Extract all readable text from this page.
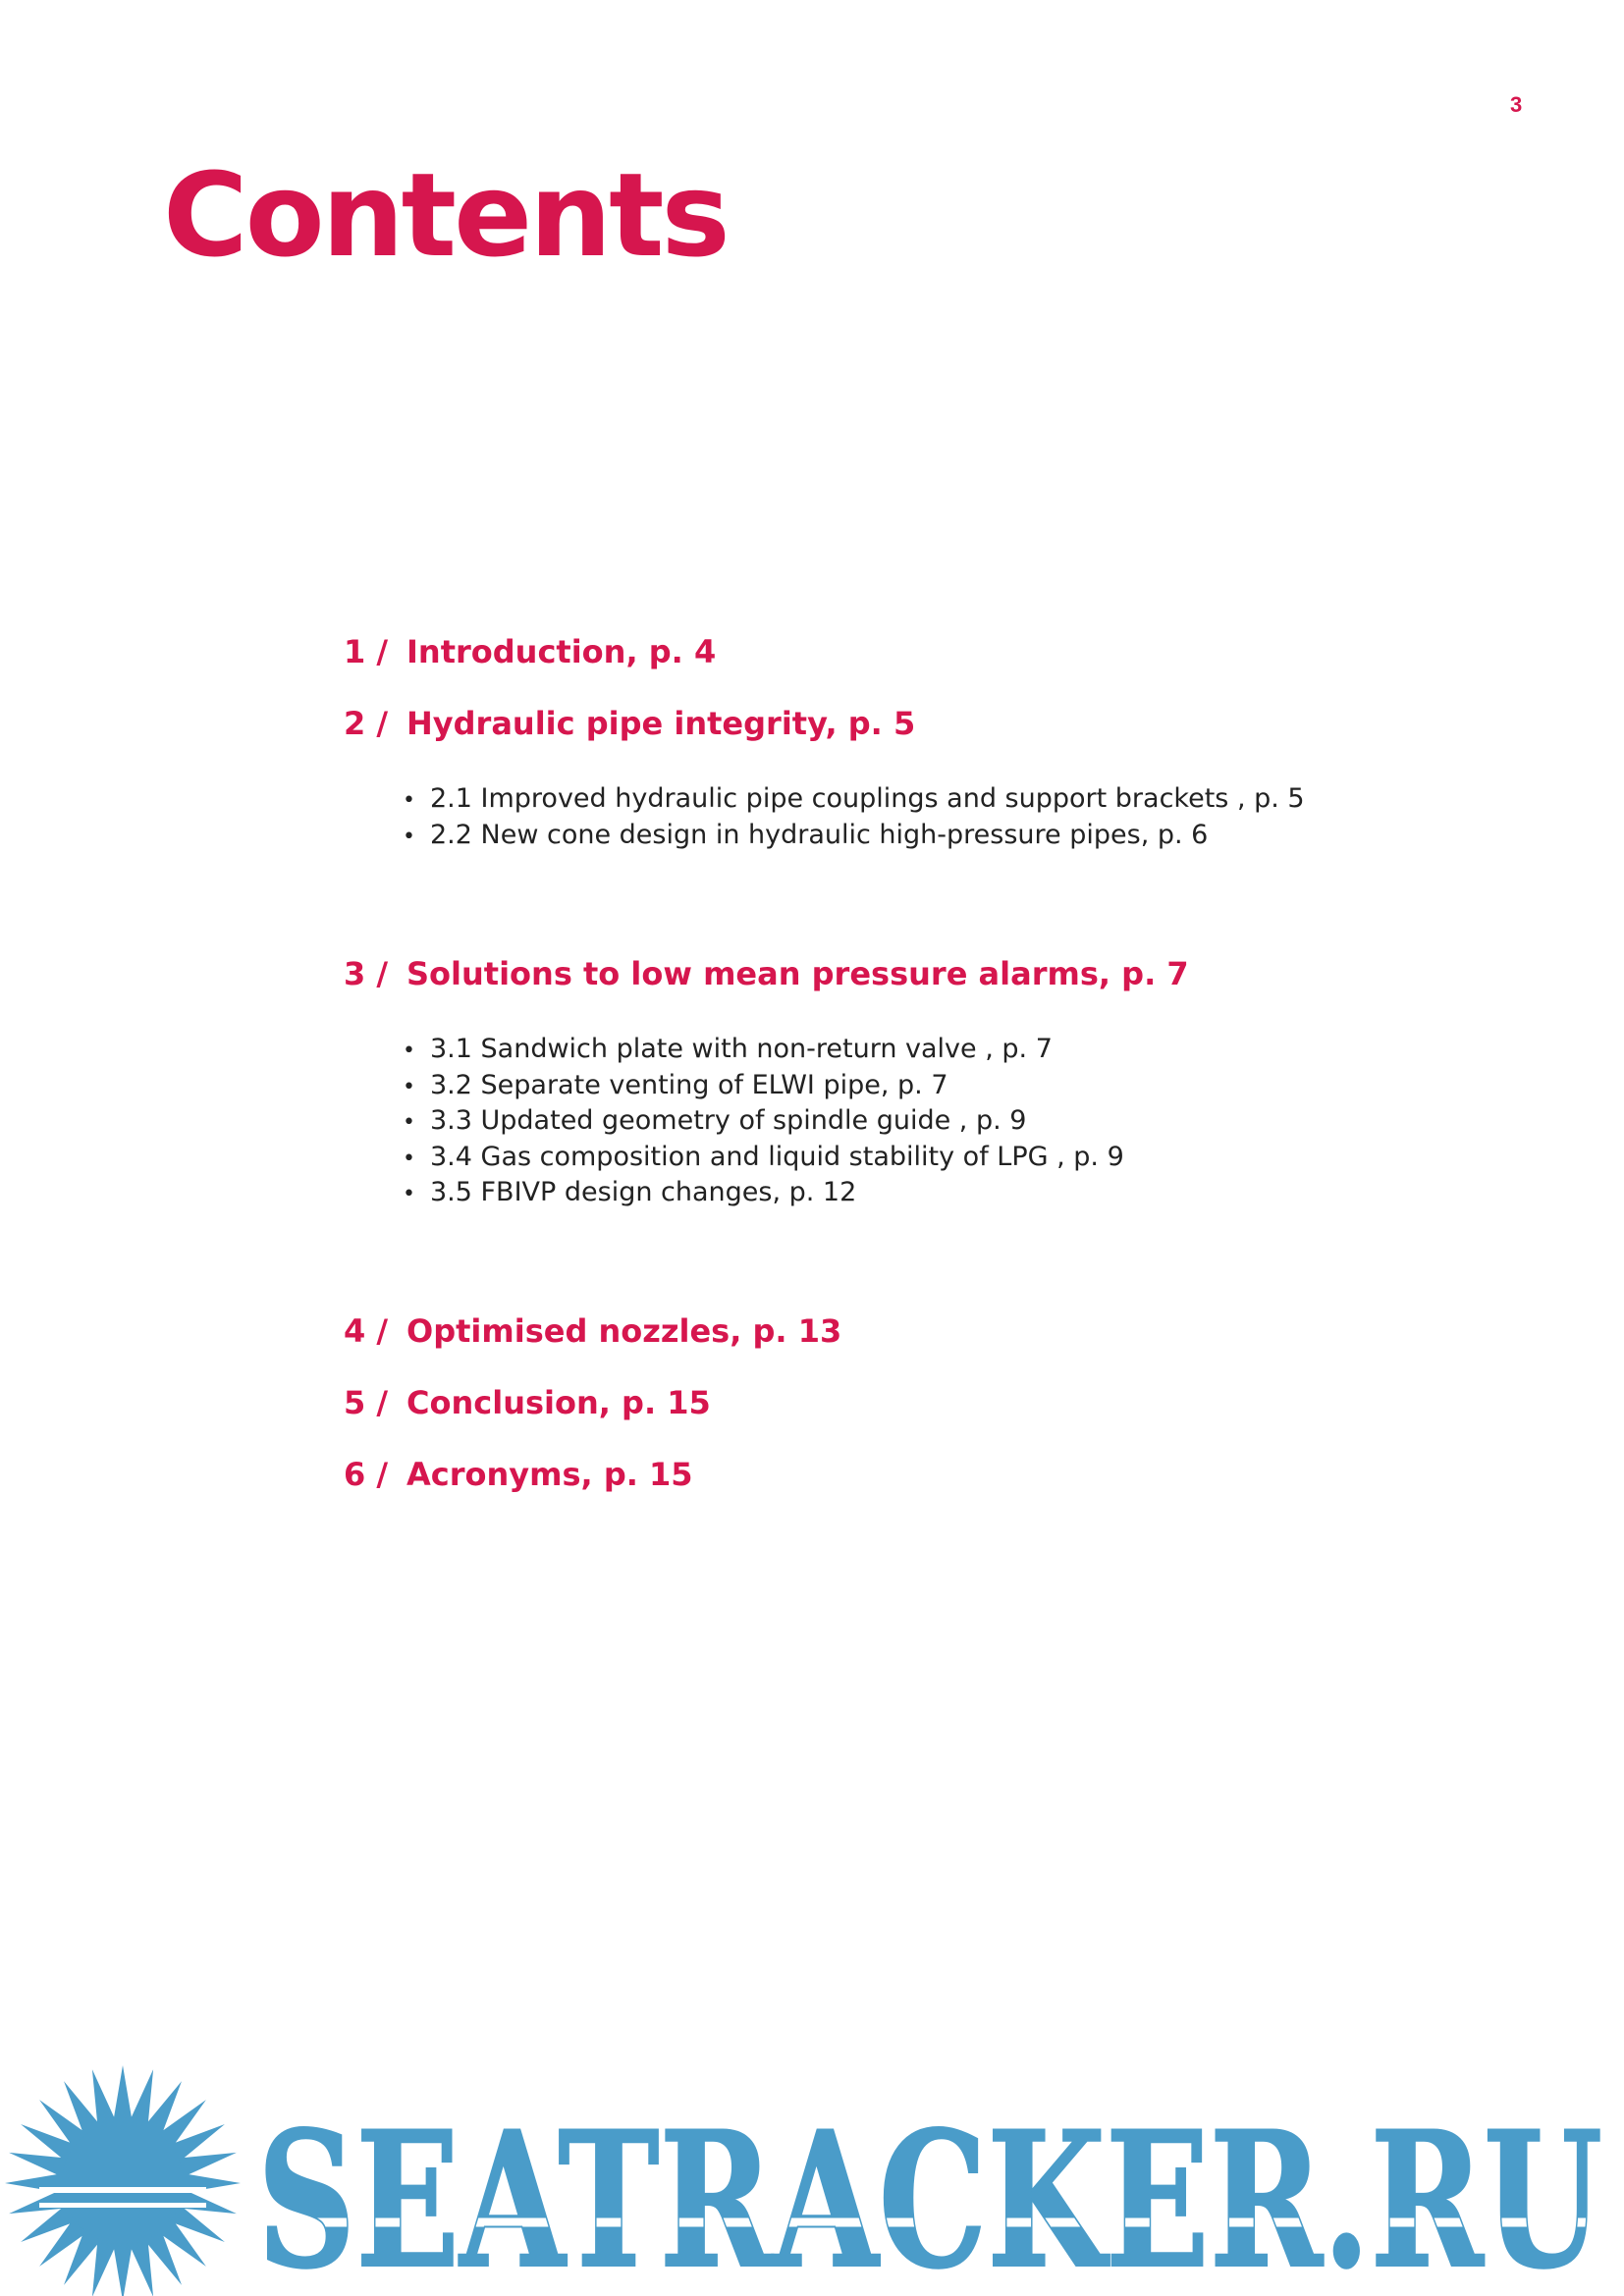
3
Contents
1 / Introduction, p. 4
2 / Hydraulic pipe integrity, p. 5
• 2.1 Improved hydraulic pipe couplings and support brackets , p. 5
• 2.2 New cone design in hydraulic high-pressure pipes, p. 6
3 / Solutions to low mean pressure alarms, p. 7
• 3.1 Sandwich plate with non-return valve , p. 7
• 3.2 Separate venting of ELWI pipe, p. 7
• 3.3 Updated geometry of spindle guide , p. 9
• 3.4 Gas composition and liquid stability of LPG , p. 9
• 3.5 FBIVP design changes, p. 12
4 / Optimised nozzles, p. 13
5 / Conclusion, p. 15
6 / Acronyms, p. 15
SEATRACKER.RU
